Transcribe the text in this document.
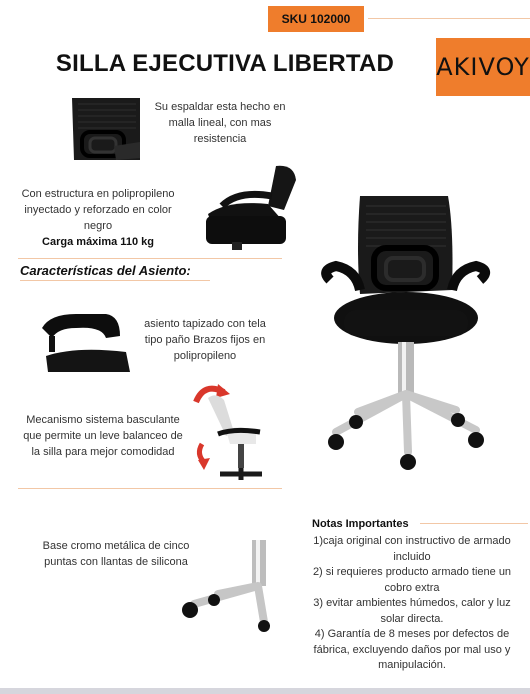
SKU 102000
SILLA EJECUTIVA LIBERTAD	AKIVOY
Su espaldar esta hecho en malla lineal, con mas resistencia
Con estructura en polipropileno inyectado y reforzado en color negro
Carga máxima 110 kg
Características del Asiento:
asiento tapizado con tela tipo paño Brazos fijos en polipropileno
Mecanismo sistema basculante que permite un leve balanceo de la silla para mejor comodidad
Base cromo metálica de cinco puntas con llantas de silicona
Notas Importantes
1)caja original con instructivo de armado incluido
2) si requieres producto armado tiene un cobro extra
3) evitar ambientes húmedos, calor y luz solar directa.
4) Garantía de 8 meses por defectos de fábrica, excluyendo daños por mal uso y manipulación.
